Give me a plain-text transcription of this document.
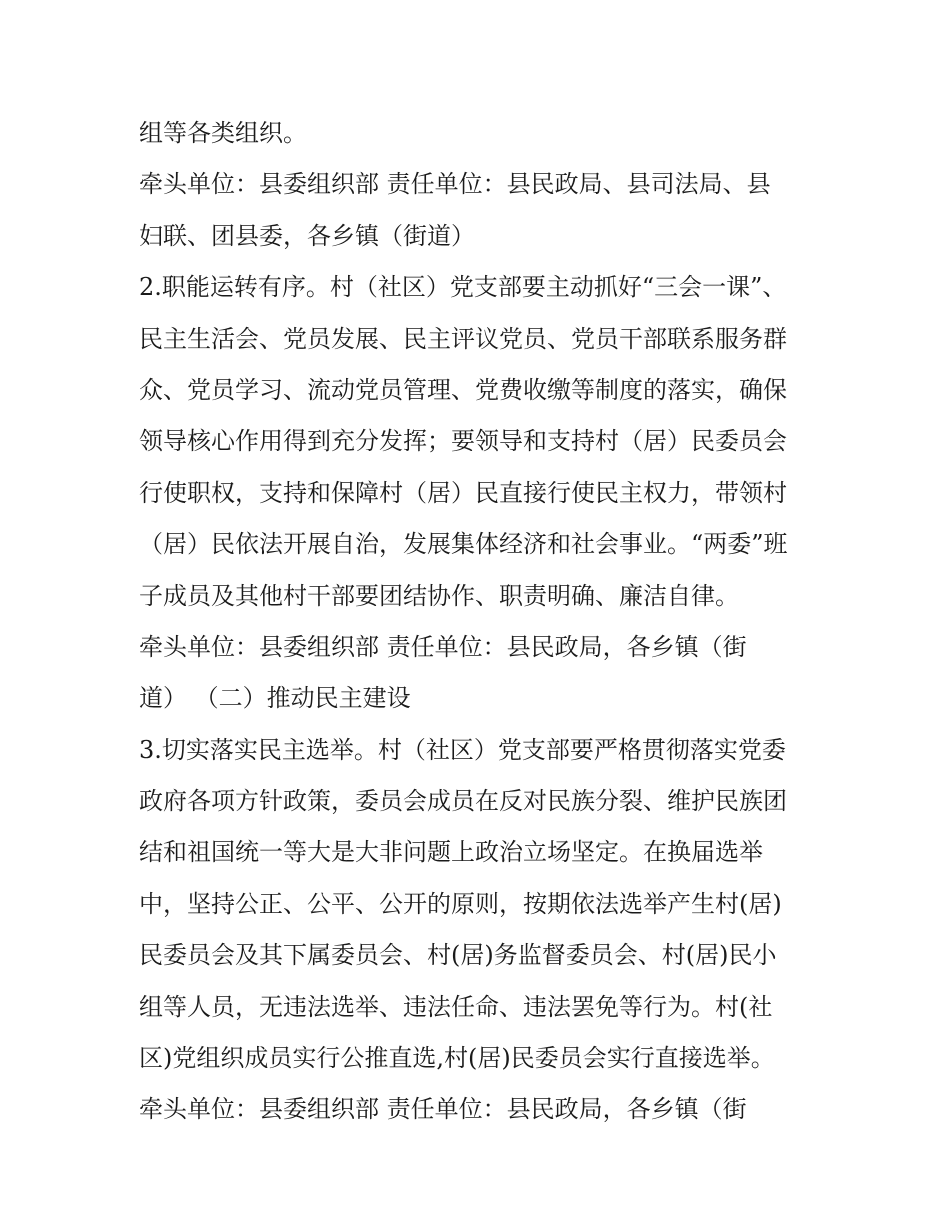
组等各类组织。
牵头单位：县委组织部 责任单位：县民政局、县司法局、县
妇联、团县委，各乡镇（街道）
2.职能运转有序。村（社区）党支部要主动抓好“三会一课”、
民主生活会、党员发展、民主评议党员、党员干部联系服务群
众、党员学习、流动党员管理、党费收缴等制度的落实，确保
领导核心作用得到充分发挥；要领导和支持村（居）民委员会
行使职权，支持和保障村（居）民直接行使民主权力，带领村
（居）民依法开展自治，发展集体经济和社会事业。“两委”班
子成员及其他村干部要团结协作、职责明确、廉洁自律。
牵头单位：县委组织部 责任单位：县民政局，各乡镇（街
道） （二）推动民主建设
3.切实落实民主选举。村（社区）党支部要严格贯彻落实党委
政府各项方针政策，委员会成员在反对民族分裂、维护民族团
结和祖国统一等大是大非问题上政治立场坚定。在换届选举
中，坚持公正、公平、公开的原则，按期依法选举产生村(居)
民委员会及其下属委员会、村(居)务监督委员会、村(居)民小
组等人员，无违法选举、违法任命、违法罢免等行为。村(社
区)党组织成员实行公推直选,村(居)民委员会实行直接选举。
牵头单位：县委组织部 责任单位：县民政局，各乡镇（街
